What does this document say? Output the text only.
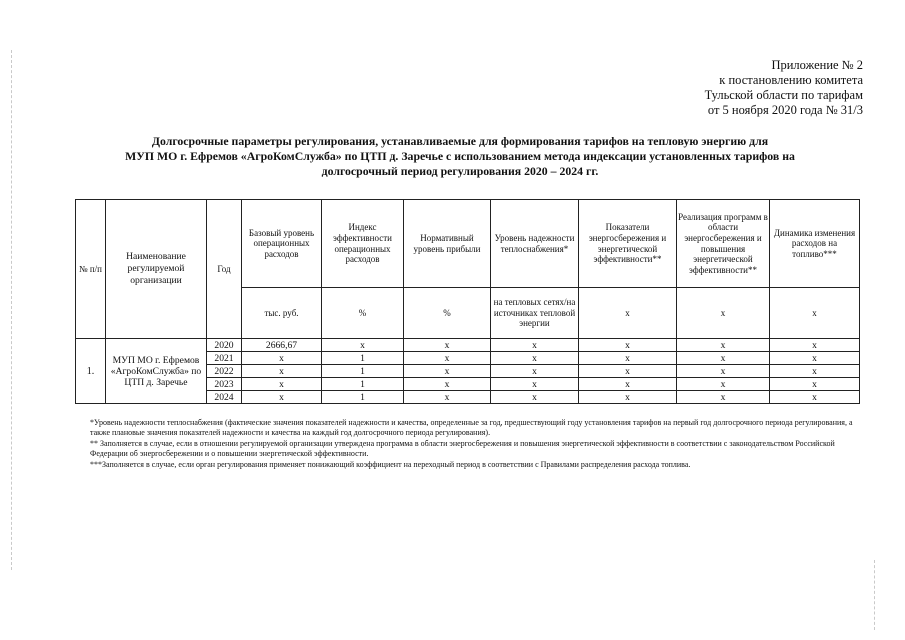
Приложение № 2
к постановлению комитета
Тульской области по тарифам
от 5 ноября 2020 года № 31/3
Долгосрочные параметры регулирования, устанавливаемые для формирования тарифов на тепловую энергию для
МУП МО г. Ефремов «АгроКомСлужба» по ЦТП д. Заречье с использованием метода индексации установленных тарифов на
долгосрочный период регулирования 2020 – 2024 гг.
№ п/п	Наименование регулируемой организации	Год	Базовый уровень операционных расходов	Индекс эффективности операционных расходов	Нормативный уровень прибыли	Уровень надежности теплоснабжения*	Показатели энергосбережения и энергетической эффективности**	Реализация программ в области энергосбережения и повышения энергетической эффективности**	Динамика изменения расходов на топливо***
			тыс. руб.	%	%	на тепловых сетях/на источниках тепловой энергии	x	x	x
1.	МУП МО г. Ефремов «АгроКомСлужба» по ЦТП д. Заречье	2020	2666,67	x	x	x	x	x	x
		2021	x	1	x	x	x	x	x
		2022	x	1	x	x	x	x	x
		2023	x	1	x	x	x	x	x
		2024	x	1	x	x	x	x	x

*Уровень надежности теплоснабжения (фактические значения показателей надежности и качества, определенные за год, предшествующий году установления тарифов на первый год долгосрочного периода регулирования, а также плановые значения показателей надежности и качества на каждый год долгосрочного периода регулирования).

** Заполняется в случае, если в отношении регулируемой организации утверждена программа в области энергосбережения и повышения энергетической эффективности в соответствии с законодательством Российской Федерации об энергосбережении и о повышении энергетической эффективности.

***Заполняется в случае, если орган регулирования применяет понижающий коэффициент на переходный период в соответствии с Правилами распределения расхода топлива.
